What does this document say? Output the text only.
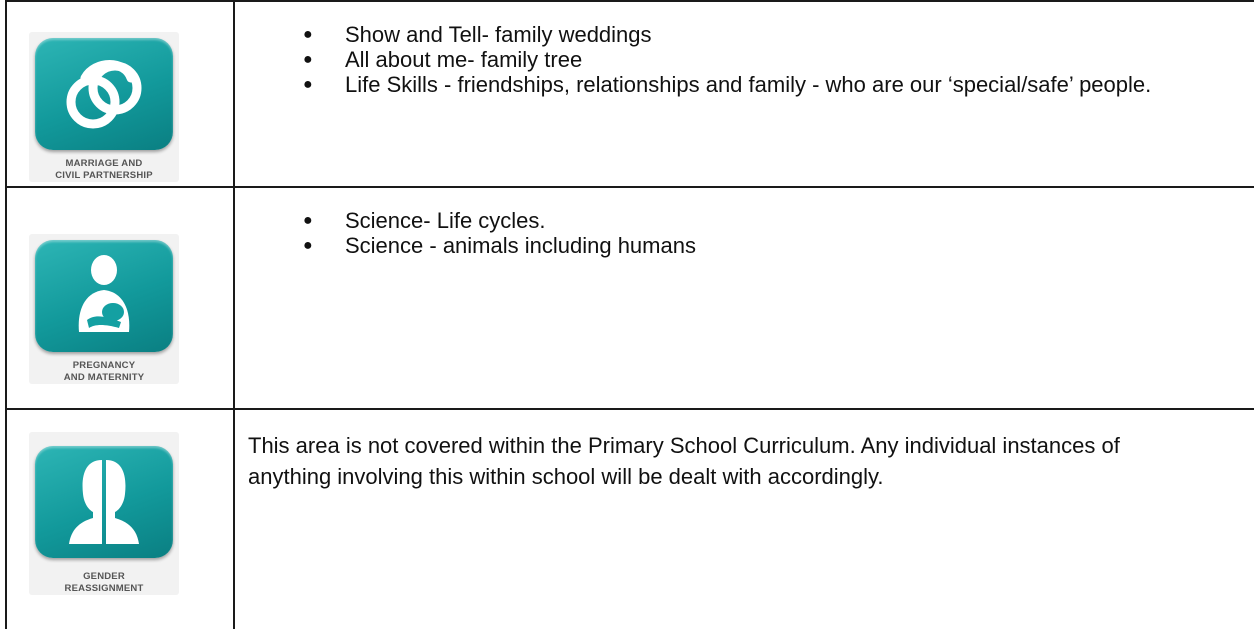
MARRIAGE AND
CIVIL PARTNERSHIP
● Show and Tell- family weddings
● All about me- family tree
● Life Skills - friendships, relationships and family - who are our ‘special/safe’ people.
PREGNANCY
AND MATERNITY
● Science- Life cycles.
● Science - animals including humans
GENDER
REASSIGNMENT

This area is not covered within the Primary School Curriculum. Any individual instances of anything involving this within school will be dealt with accordingly.
